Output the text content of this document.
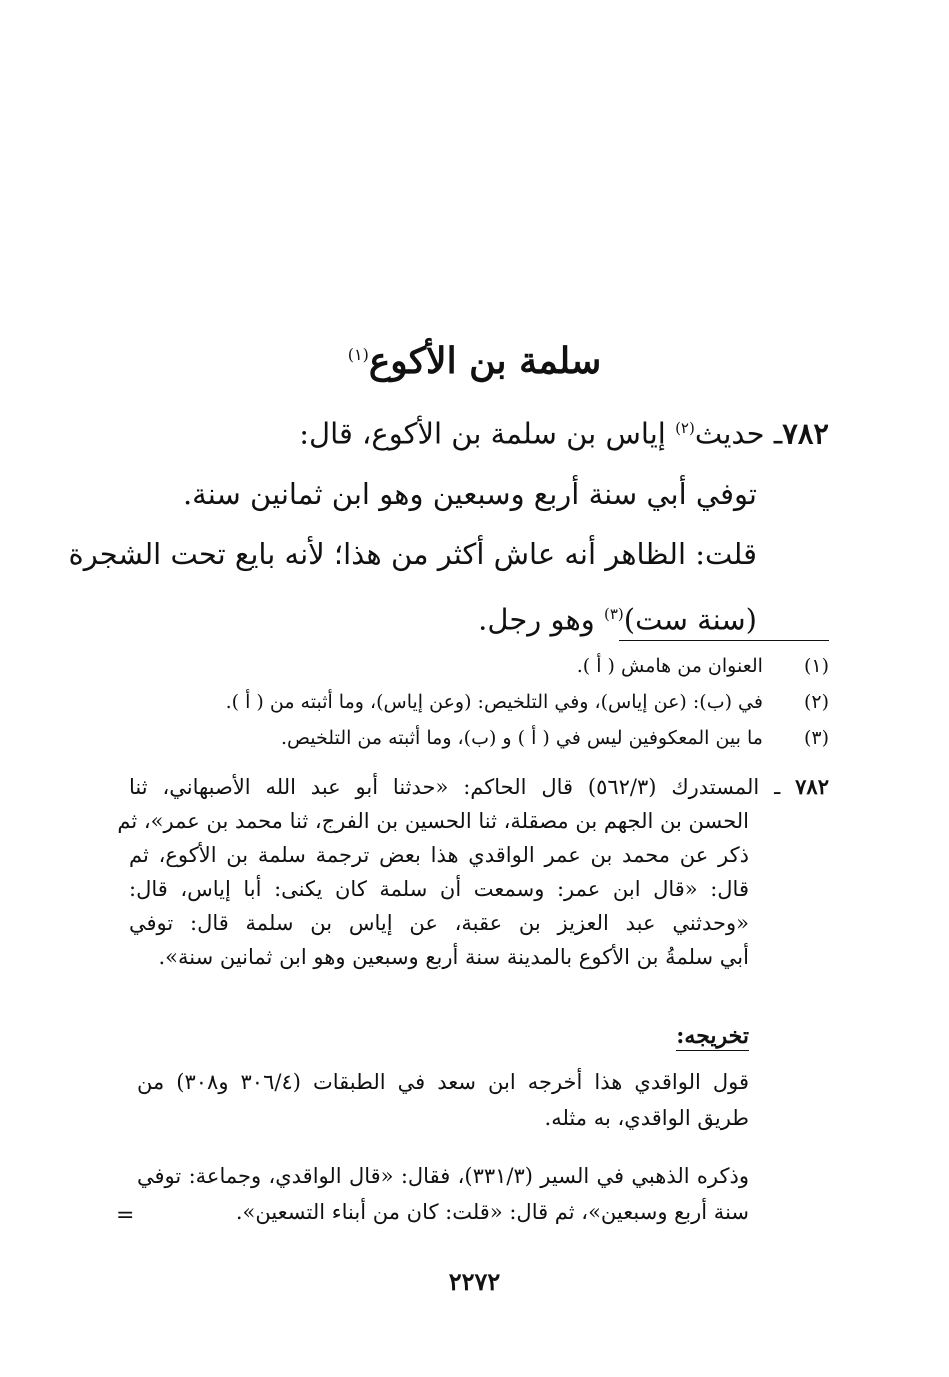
سلمة بن الأكوع$^{(١)}$
٧٨٢ـ حديث$^{(٢)}$ إياس بن سلمة بن الأكوع، قال:
توفي أبي سنة أربع وسبعين وهو ابن ثمانين سنة.
قلت: الظاهر أنه عاش أكثر من هذا؛ لأنه بايع تحت الشجرة
(سنة ست)$^{(٣)}$ وهو رجل.
(١) العنوان من هامش ( أ ).
(٢) في (ب): (عن إياس)، وفي التلخيص: (وعن إياس)، وما أثبته من ( أ ).
(٣) ما بين المعكوفين ليس في ( أ ) و (ب)، وما أثبته من التلخيص.
٧٨٢ ـ المستدرك (٥٦٢/٣) قال الحاكم: «حدثنا أبو عبد الله الأصبهاني، ثنا
الحسن بن الجهم بن مصقلة، ثنا الحسين بن الفرج، ثنا محمد بن عمر»، ثم
ذكر عن محمد بن عمر الواقدي هذا بعض ترجمة سلمة بن الأكوع، ثم
قال: «قال ابن عمر: وسمعت أن سلمة كان يكنى: أبا إياس، قال:
«وحدثني عبد العزيز بن عقبة، عن إياس بن سلمة قال: توفي
أبي سلمةُ بن الأكوع بالمدينة سنة أربع وسبعين وهو ابن ثمانين سنة».
تخريجه:
قول الواقدي هذا أخرجه ابن سعد في الطبقات (٣٠٦/٤ و٣٠٨) من
طريق الواقدي، به مثله.
وذكره الذهبي في السير (٣٣١/٣)، فقال: «قال الواقدي، وجماعة: توفي
سنة أربع وسبعين»، ثم قال: «قلت: كان من أبناء التسعين».
=
٢٢٧٢
